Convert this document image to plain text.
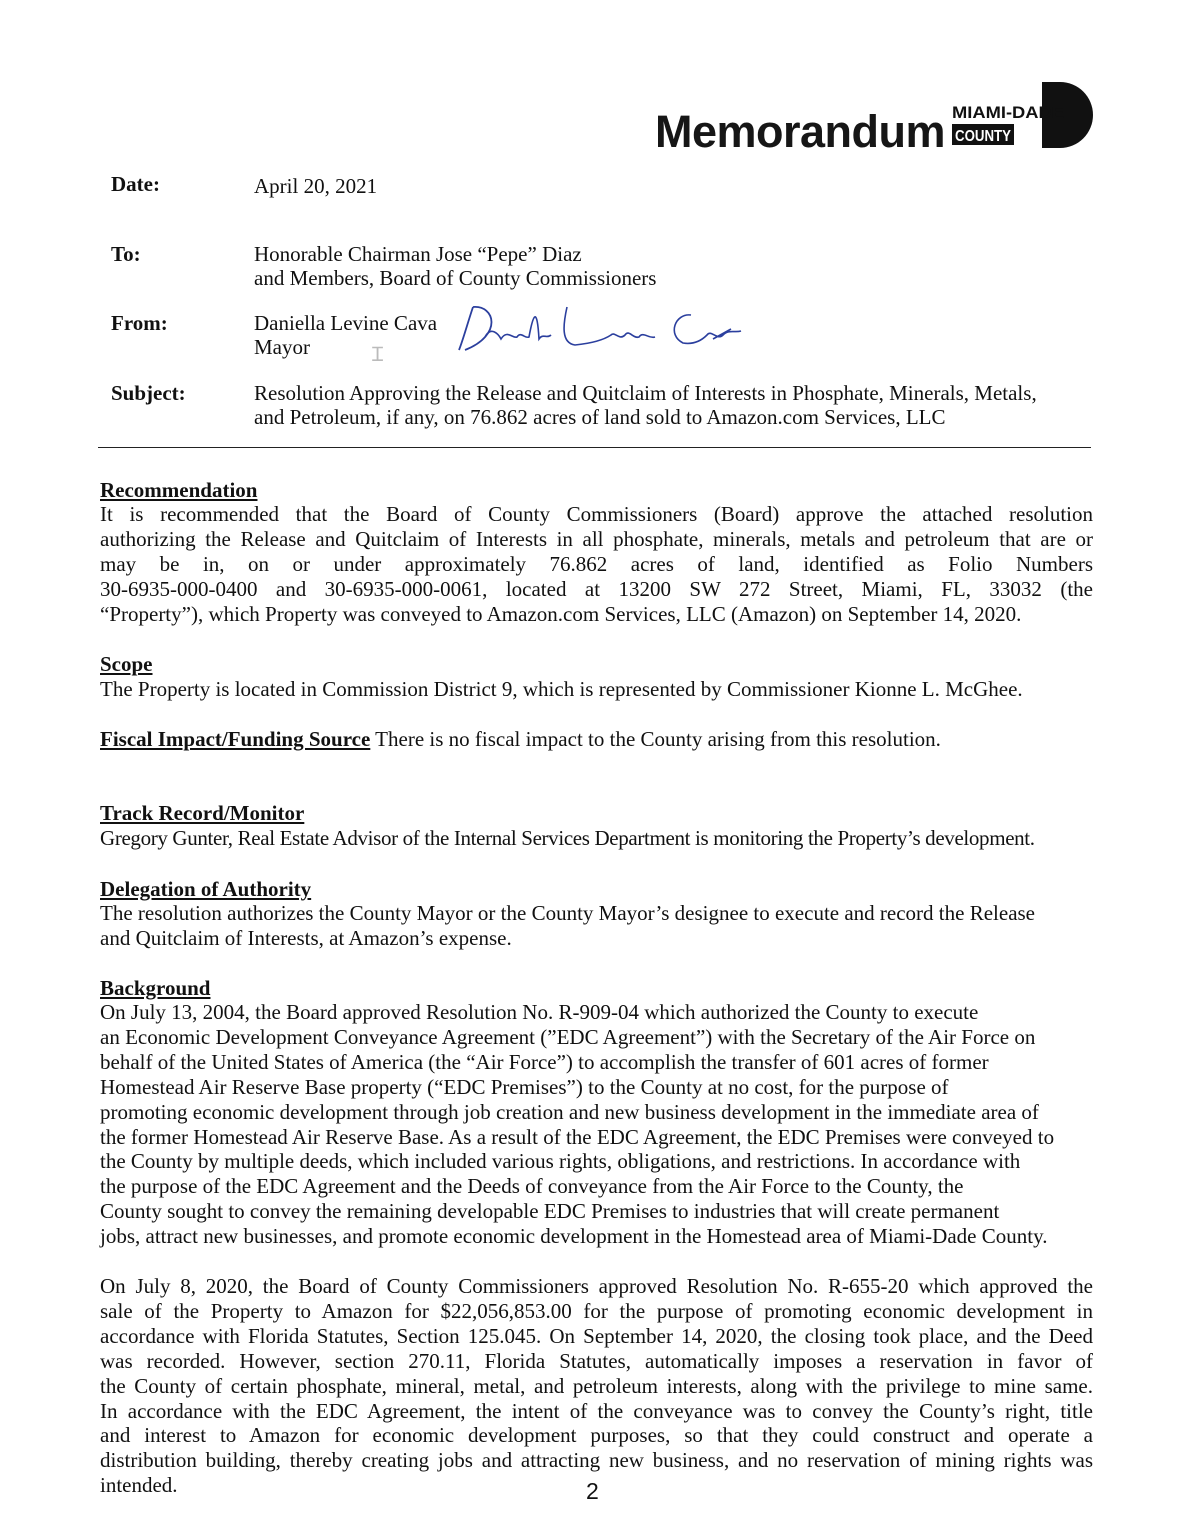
Memorandum MIAMI-DADE
COUNTY
Date:	April 20, 2021
To:	Honorable Chairman Jose “Pepe” Diaz
and Members, Board of County Commissioners
From:	Daniella Levine Cava
Mayor
Daniella Levine Cava
Ɪ
Subject:	Resolution Approving the Release and Quitclaim of Interests in Phosphate, Minerals, Metals,
and Petroleum, if any, on 76.862 acres of land sold to Amazon.com Services, LLC
Recommendation
It is recommended that the Board of County Commissioners (Board) approve the attached resolution
authorizing the Release and Quitclaim of Interests in all phosphate, minerals, metals and petroleum that are or
may be in, on or under approximately 76.862 acres of land, identified as Folio Numbers
30-6935-000-0400 and 30-6935-000-0061, located at 13200 SW 272 Street, Miami, FL, 33032 (the
“Property”), which Property was conveyed to Amazon.com Services, LLC (Amazon) on September 14, 2020.
Scope
The Property is located in Commission District 9, which is represented by Commissioner Kionne L. McGhee.
Fiscal Impact/Funding Source There is no fiscal impact to the County arising from this resolution.
Track Record/Monitor
Gregory Gunter, Real Estate Advisor of the Internal Services Department is monitoring the Property’s development.
Delegation of Authority
The resolution authorizes the County Mayor or the County Mayor’s designee to execute and record the Release
and Quitclaim of Interests, at Amazon’s expense.
Background
On July 13, 2004, the Board approved Resolution No. R-909-04 which authorized the County to execute
an Economic Development Conveyance Agreement (”EDC Agreement”) with the Secretary of the Air Force on
behalf of the United States of America (the “Air Force”) to accomplish the transfer of 601 acres of former
Homestead Air Reserve Base property (“EDC Premises”) to the County at no cost, for the purpose of
promoting economic development through job creation and new business development in the immediate area of
the former Homestead Air Reserve Base. As a result of the EDC Agreement, the EDC Premises were conveyed to
the County by multiple deeds, which included various rights, obligations, and restrictions. In accordance with
the purpose of the EDC Agreement and the Deeds of conveyance from the Air Force to the County, the
County sought to convey the remaining developable EDC Premises to industries that will create permanent
jobs, attract new businesses, and promote economic development in the Homestead area of Miami-Dade County.
On July 8, 2020, the Board of County Commissioners approved Resolution No. R-655-20 which approved the
sale of the Property to Amazon for $22,056,853.00 for the purpose of promoting economic development in
accordance with Florida Statutes, Section 125.045. On September 14, 2020, the closing took place, and the Deed
was recorded. However, section 270.11, Florida Statutes, automatically imposes a reservation in favor of
the County of certain phosphate, mineral, metal, and petroleum interests, along with the privilege to mine same.
In accordance with the EDC Agreement, the intent of the conveyance was to convey the County’s right, title
and interest to Amazon for economic development purposes, so that they could construct and operate a
distribution building, thereby creating jobs and attracting new business, and no reservation of mining rights was
intended.	2
